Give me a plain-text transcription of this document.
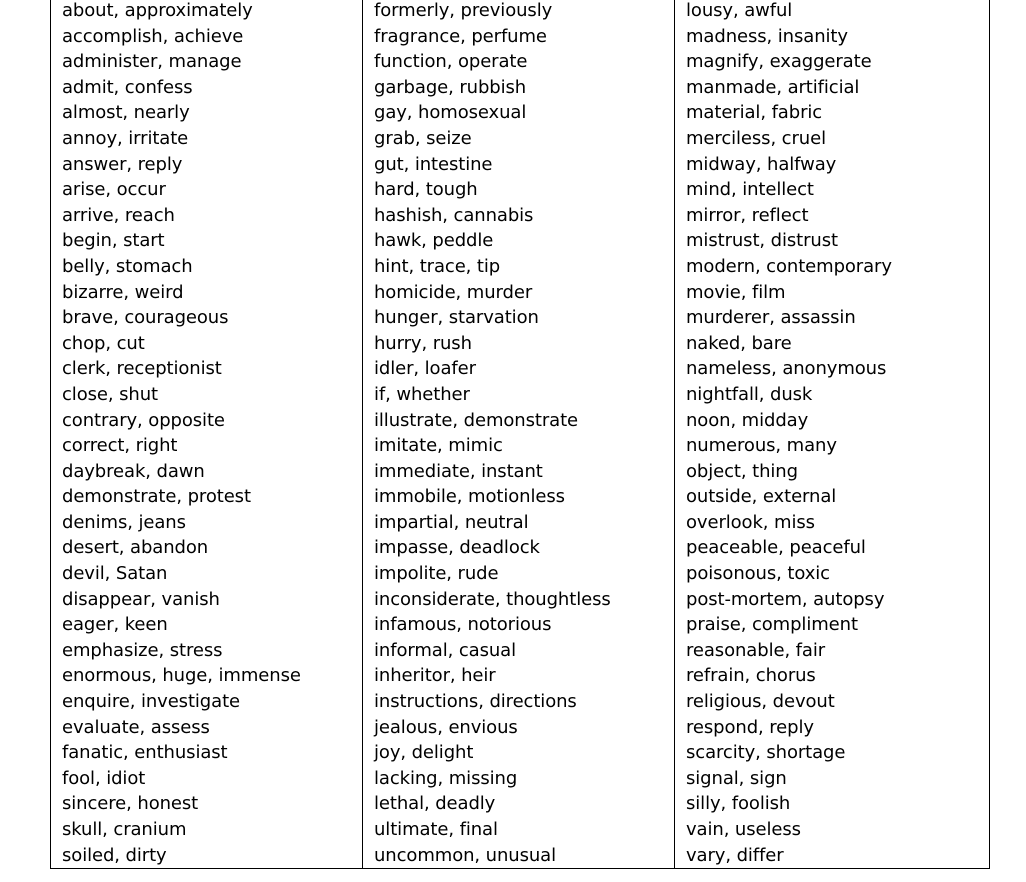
about, approximately
accomplish, achieve
administer, manage
admit, confess
almost, nearly
annoy, irritate
answer, reply
arise, occur
arrive, reach
begin, start
belly, stomach
bizarre, weird
brave, courageous
chop, cut
clerk, receptionist
close, shut
contrary, opposite
correct, right
daybreak, dawn
demonstrate, protest
denims, jeans
desert, abandon
devil, Satan
disappear, vanish
eager, keen
emphasize, stress
enormous, huge, immense
enquire, investigate
evaluate, assess
fanatic, enthusiast
fool, idiot
sincere, honest
skull, cranium
soiled, dirty
formerly, previously
fragrance, perfume
function, operate
garbage, rubbish
gay, homosexual
grab, seize
gut, intestine
hard, tough
hashish, cannabis
hawk, peddle
hint, trace, tip
homicide, murder
hunger, starvation
hurry, rush
idler, loafer
if, whether
illustrate, demonstrate
imitate, mimic
immediate, instant
immobile, motionless
impartial, neutral
impasse, deadlock
impolite, rude
inconsiderate, thoughtless
infamous, notorious
informal, casual
inheritor, heir
instructions, directions
jealous, envious
joy, delight
lacking, missing
lethal, deadly
ultimate, final
uncommon, unusual
lousy, awful
madness, insanity
magnify, exaggerate
manmade, artificial
material, fabric
merciless, cruel
midway, halfway
mind, intellect
mirror, reflect
mistrust, distrust
modern, contemporary
movie, film
murderer, assassin
naked, bare
nameless, anonymous
nightfall, dusk
noon, midday
numerous, many
object, thing
outside, external
overlook, miss
peaceable, peaceful
poisonous, toxic
post-mortem, autopsy
praise, compliment
reasonable, fair
refrain, chorus
religious, devout
respond, reply
scarcity, shortage
signal, sign
silly, foolish
vain, useless
vary, differ
